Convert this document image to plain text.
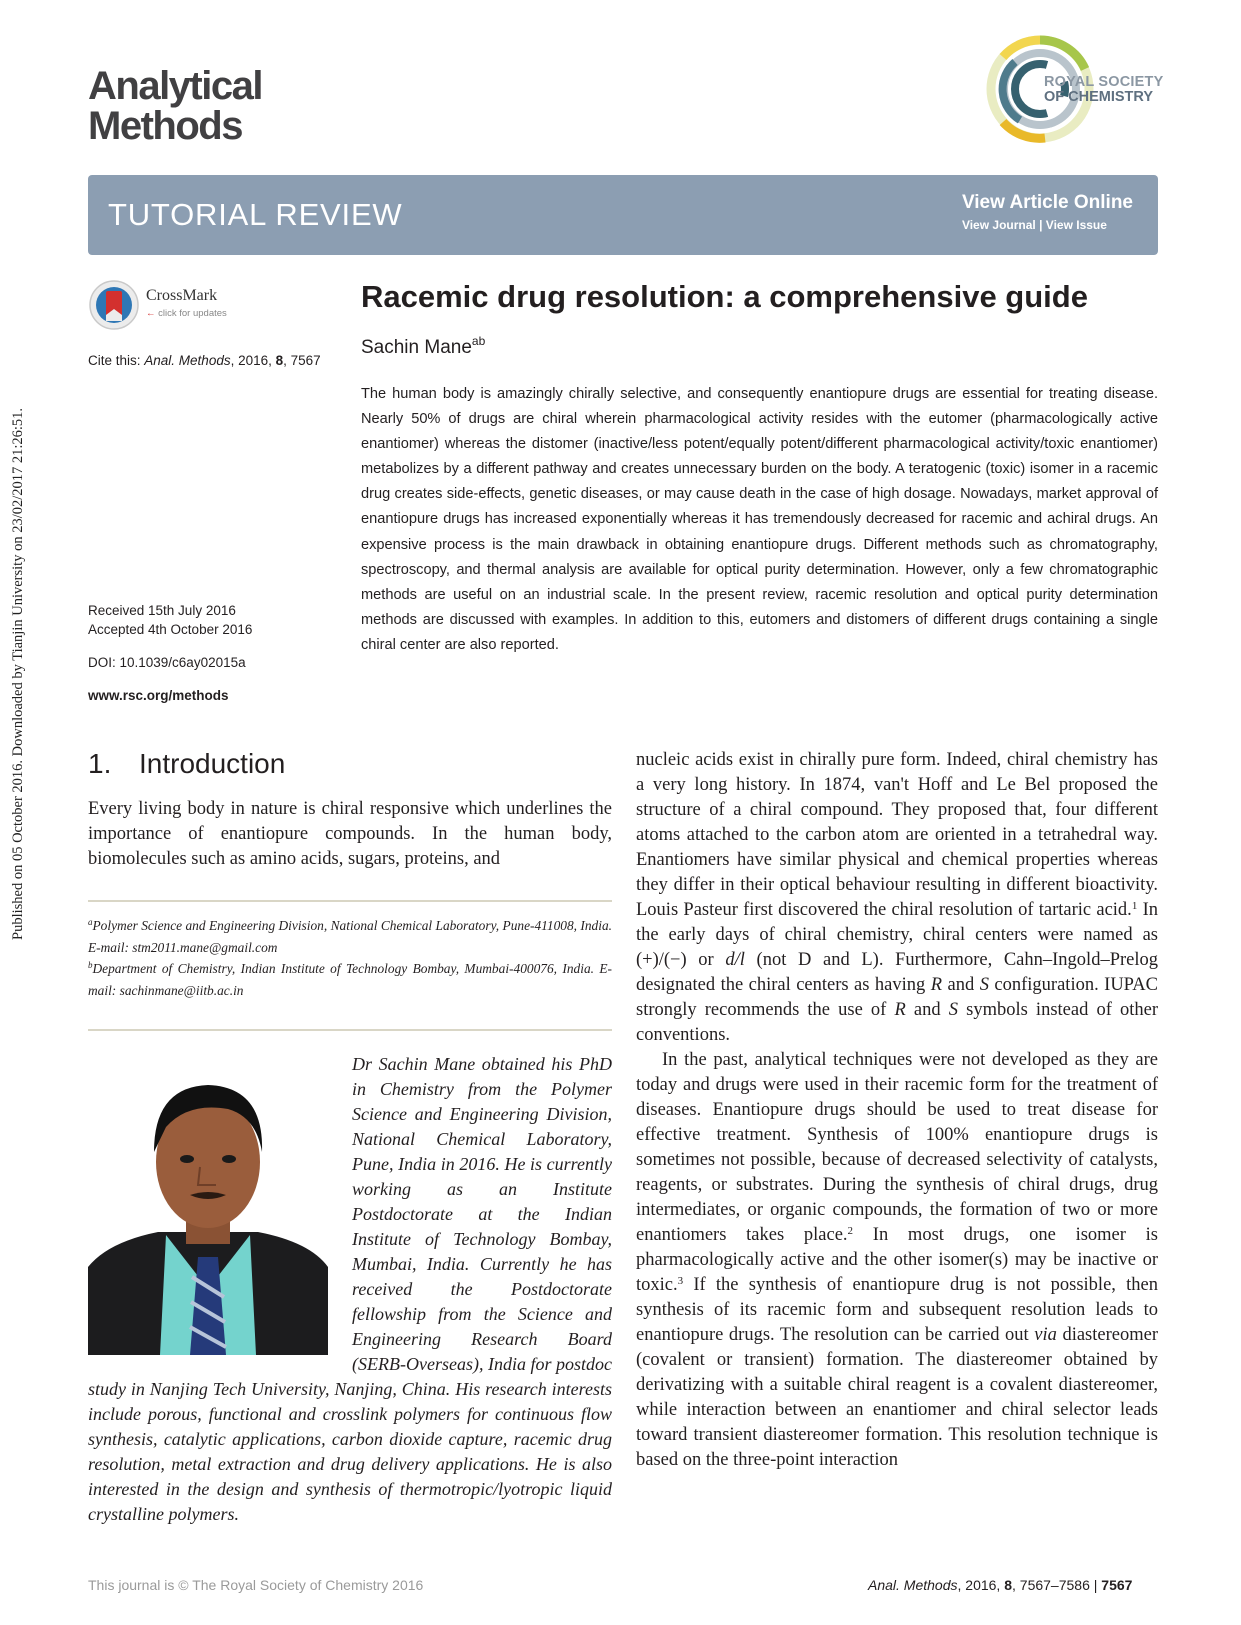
Published on 05 October 2016. Downloaded by Tianjin University on 23/02/2017 21:26:51.
Analytical
Methods
ROYAL SOCIETY
OF CHEMISTRY
TUTORIAL REVIEW	View Article Online
View Journal | View Issue
CrossMark
← click for updates
Cite this: Anal. Methods, 2016, 8, 7567
Received 15th July 2016
Accepted 4th October 2016
DOI: 10.1039/c6ay02015a
www.rsc.org/methods
Racemic drug resolution: a comprehensive guide
Sachin Mane$^{ab}$
The human body is amazingly chirally selective, and consequently enantiopure drugs are essential for treating disease. Nearly 50% of drugs are chiral wherein pharmacological activity resides with the eutomer (pharmacologically active enantiomer) whereas the distomer (inactive/less potent/equally potent/different pharmacological activity/toxic enantiomer) metabolizes by a different pathway and creates unnecessary burden on the body. A teratogenic (toxic) isomer in a racemic drug creates side-effects, genetic diseases, or may cause death in the case of high dosage. Nowadays, market approval of enantiopure drugs has increased exponentially whereas it has tremendously decreased for racemic and achiral drugs. An expensive process is the main drawback in obtaining enantiopure drugs. Different methods such as chromatography, spectroscopy, and thermal analysis are available for optical purity determination. However, only a few chromatographic methods are useful on an industrial scale. In the present review, racemic resolution and optical purity determination methods are discussed with examples. In addition to this, eutomers and distomers of different drugs containing a single chiral center are also reported.
1. Introduction
Every living body in nature is chiral responsive which underlines the importance of enantiopure compounds. In the human body, biomolecules such as amino acids, sugars, proteins, and
$^a$Polymer Science and Engineering Division, National Chemical Laboratory, Pune-411008, India. E-mail: stm2011.mane@gmail.com
$^b$Department of Chemistry, Indian Institute of Technology Bombay, Mumbai-400076, India. E-mail: sachinmane@iitb.ac.in
Dr Sachin Mane obtained his PhD in Chemistry from the Polymer Science and Engineering Division, National Chemical Laboratory, Pune, India in 2016. He is currently working as an Institute Postdoctorate at the Indian Institute of Technology Bombay, Mumbai, India. Currently he has received the Postdoctorate fellowship from the Science and Engineering Research Board (SERB-Overseas), India for postdoc study in Nanjing Tech University, Nanjing, China. His research interests include porous, functional and crosslink polymers for continuous flow synthesis, catalytic applications, carbon dioxide capture, racemic drug resolution, metal extraction and drug delivery applications. He is also interested in the design and synthesis of thermotropic/lyotropic liquid crystalline polymers.

nucleic acids exist in chirally pure form. Indeed, chiral chemistry has a very long history. In 1874, van't Hoff and Le Bel proposed the structure of a chiral compound. They proposed that, four different atoms attached to the carbon atom are oriented in a tetrahedral way. Enantiomers have similar physical and chemical properties whereas they differ in their optical behaviour resulting in different bioactivity. Louis Pasteur first discovered the chiral resolution of tartaric acid.$^1$ In the early days of chiral chemistry, chiral centers were named as (+)/(−) or d/l (not D and L). Furthermore, Cahn–Ingold–Prelog designated the chiral centers as having R and S configuration. IUPAC strongly recommends the use of R and S symbols instead of other conventions.

In the past, analytical techniques were not developed as they are today and drugs were used in their racemic form for the treatment of diseases. Enantiopure drugs should be used to treat disease for effective treatment. Synthesis of 100% enantiopure drugs is sometimes not possible, because of decreased selectivity of catalysts, reagents, or substrates. During the synthesis of chiral drugs, drug intermediates, or organic compounds, the formation of two or more enantiomers takes place.$^2$ In most drugs, one isomer is pharmacologically active and the other isomer(s) may be inactive or toxic.$^3$ If the synthesis of enantiopure drug is not possible, then synthesis of its racemic form and subsequent resolution leads to enantiopure drugs. The resolution can be carried out via diastereomer (covalent or transient) formation. The diastereomer obtained by derivatizing with a suitable chiral reagent is a covalent diastereomer, while interaction between an enantiomer and chiral selector leads toward transient diastereomer formation. This resolution technique is based on the three-point interaction

This journal is © The Royal Society of Chemistry 2016	Anal. Methods, 2016, 8, 7567–7586 | 7567
